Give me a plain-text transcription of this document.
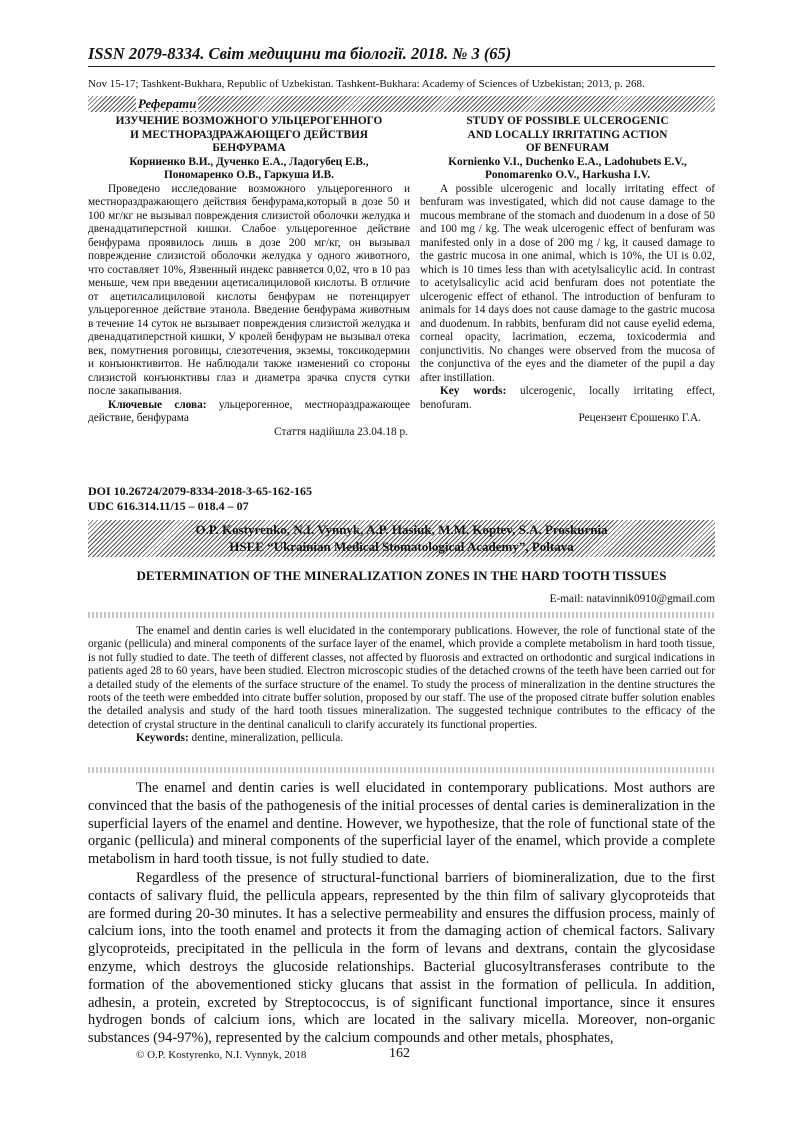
ISSN 2079-8334. Світ медицини та біології. 2018. № 3 (65)
Nov 15-17; Tashkent-Bukhara, Republic of Uzbekistan. Tashkent-Bukhara: Academy of Sciences of Uzbekistan; 2013, p. 268.
Реферати
ИЗУЧЕНИЕ ВОЗМОЖНОГО УЛЬЦЕРОГЕННОГО
И МЕСТНОРАЗДРАЖАЮЩЕГО ДЕЙСТВИЯ
БЕНФУРАМА
Корниенко В.И., Дученко Е.А., Ладогубец Е.В.,
Пономаренко О.В., Гаркуша И.В.

Проведено исследование возможного ульцерогенного и местнораздражающего действия бенфурама,который в дозе 50 и 100 мг/кг не вызывал повреждения слизистой оболочки желудка и двенадцатиперстной кишки. Слабое ульцерогенное действие бенфурама проявилось лишь в дозе 200 мг/кг, он вызывал повреждение слизистой оболочки желудка у одного животного, что составляет 10%, Язвенный индекс равняется 0,02, что в 10 раз меньше, чем при введении ацетисалициловой кислоты. В отличие от ацетилсалициловой кислоты бенфурам не потенцирует ульцерогенное действие этанола. Введение бенфурама животным в течение 14 суток не вызывает повреждения слизистой желудка и двенадцатиперстной кишки, У кролей бенфурам не вызывал отека век, помутнения роговицы, слезотечения, экземы, токсикодермии и конъюнктивитов. Не наблюдали также изменений со стороны слизистой конъюнктивы глаз и диаметра зрачка спустя сутки после закапывания.

Ключевые слова: ульцерогенное, местнораздражающее действие, бенфурама

Стаття надійшла 23.04.18 р.
STUDY OF POSSIBLE ULCEROGENIC
AND LOCALLY IRRITATING ACTION
OF BENFURAM
Kornienko V.I., Duchenko E.A., Ladohubets E.V.,
Ponomarenko O.V., Harkusha I.V.

A possible ulcerogenic and locally irritating effect of benfuram was investigated, which did not cause damage to the mucous membrane of the stomach and duodenum in a dose of 50 and 100 mg / kg. The weak ulcerogenic effect of benfuram was manifested only in a dose of 200 mg / kg, it caused damage to the gastric mucosa in one animal, which is 10%, the UI is 0.02, which is 10 times less than with acetylsalicylic acid. In contrast to acetylsalicylic acid acid benfuram does not potentiate the ulcerogenic effect of ethanol. The introduction of benfuram to animals for 14 days does not cause damage to the gastric mucosa and duodenum. In rabbits, benfuram did not cause eyelid edema, corneal opacity, lacrimation, eczema, toxicodermia and conjunctivitis. No changes were observed from the mucosa of the conjunctiva of the eyes and the diameter of the pupil a day after instillation.

Key words: ulcerogenic, locally irritating effect, benofuram.

Рецензент Єрошенко Г.А.
DOI 10.26724/2079-8334-2018-3-65-162-165
UDC 616.314.11/15 – 018.4 – 07
O.P. Kostyrenko, N.I. Vynnyk, A.P. Hasiuk, M.M. Koptev, S.A. Proskurnia
HSEE “Ukrainian Medical Stomatological Academy”, Poltava
DETERMINATION OF THE MINERALIZATION ZONES IN THE HARD TOOTH TISSUES
E-mail: natavinnik0910@gmail.com

The enamel and dentin caries is well elucidated in the contemporary publications. However, the role of functional state of the organic (pellicula) and mineral components of the surface layer of the enamel, which provide a complete metabolism in hard tooth tissue, is not fully studied to date. The teeth of different classes, not affected by fluorosis and extracted on orthodontic and surgical indications in patients aged 28 to 60 years, have been studied. Electron microscopic studies of the detached crowns of the teeth have been carried out for a detailed study of the elements of the surface structure of the enamel. To study the process of mineralization in the dentine structures the roots of the teeth were embedded into citrate buffer solution, proposed by our staff. The use of the proposed citrate buffer solution enables the detailed analysis and study of the hard tooth tissues mineralization. The suggested technique contributes to the efficacy of the detection of crystal structure in the dentinal canaliculi to clarify accurately its functional properties.

Keywords: dentine, mineralization, pellicula.

The enamel and dentin caries is well elucidated in contemporary publications. Most authors are convinced that the basis of the pathogenesis of the initial processes of dental caries is demineralization in the superficial layers of the enamel and dentine. However, we hypothesize, that the role of functional state of the organic (pellicula) and mineral components of the superficial layer of the enamel, which provide a complete metabolism in hard tooth tissue, is not fully studied to date.

Regardless of the presence of structural-functional barriers of biomineralization, due to the first contacts of salivary fluid, the pellicula appears, represented by the thin film of salivary glycoproteids that are formed during 20-30 minutes. It has a selective permeability and ensures the diffusion process, mainly of calcium ions, into the tooth enamel and protects it from the damaging action of chemical factors. Salivary glycoproteids, precipitated in the pellicula in the form of levans and dextrans, contain the glycosidase enzyme, which destroys the glucoside relationships. Bacterial glucosyltransferases contribute to the formation of the abovementioned sticky glucans that assist in the formation of pellicula. In addition, adhesin, a protein, excreted by Streptococcus, is of significant functional importance, since it ensures hydrogen bonds of calcium ions, which are located in the salivary micella. Moreover, non-organic substances (94-97%), represented by the calcium compounds and other metals, phosphates,

© O.P. Kostyrenko, N.I. Vynnyk, 2018	162
